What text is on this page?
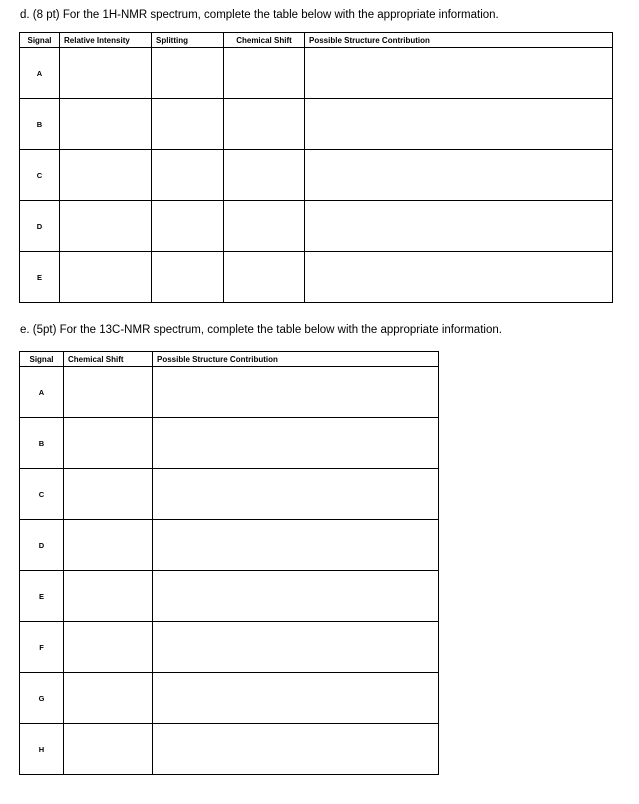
d. (8 pt) For the 1H-NMR spectrum, complete the table below with the appropriate information.
Signal	Relative Intensity	Splitting	Chemical Shift	Possible Structure Contribution
A				
B				
C				
D				
E				
e. (5pt) For the 13C-NMR spectrum, complete the table below with the appropriate information.
Signal	Chemical Shift	Possible Structure Contribution
A		
B		
C		
D		
E		
F		
G		
H		
